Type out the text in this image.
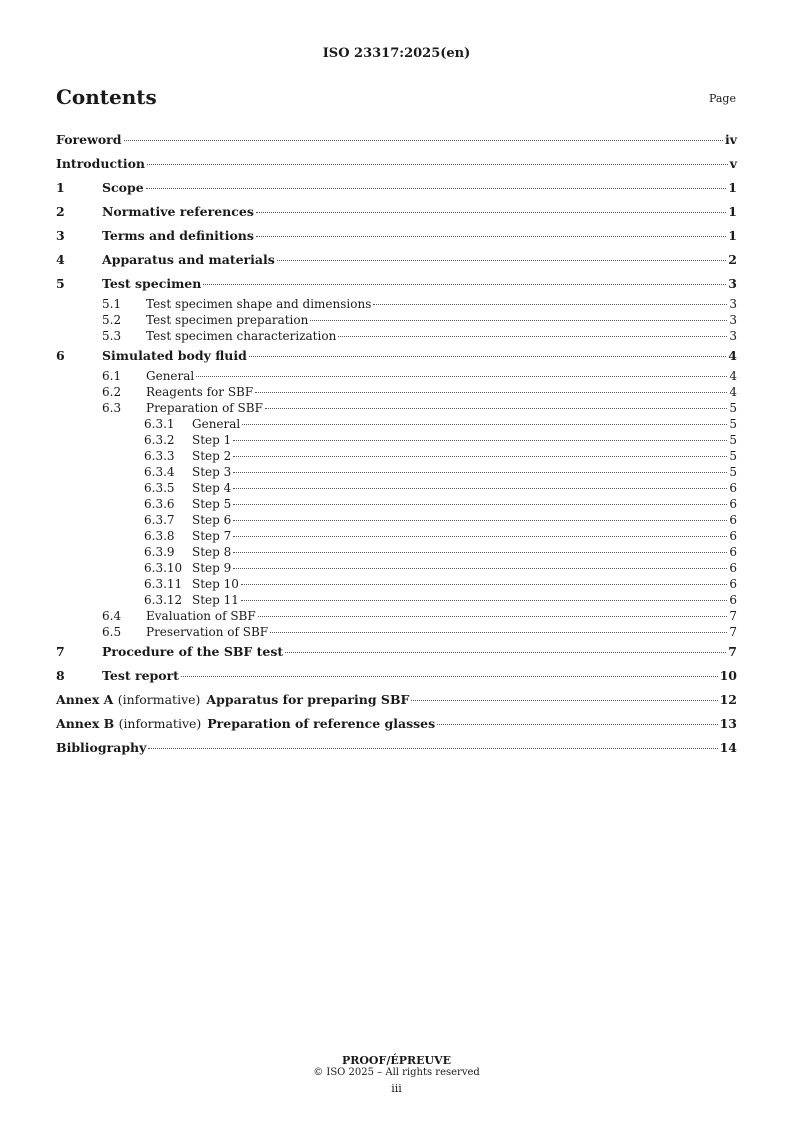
ISO 23317:2025(en)
Contents	Page
Foreword	iv
Introduction	v
1	Scope	1
2	Normative references	1
3	Terms and definitions	1
4	Apparatus and materials	2
5	Test specimen	3
5.1	Test specimen shape and dimensions	3
5.2	Test specimen preparation	3
5.3	Test specimen characterization	3
6	Simulated body fluid	4
6.1	General	4
6.2	Reagents for SBF	4
6.3	Preparation of SBF	5
6.3.1	General	5
6.3.2	Step 1	5
6.3.3	Step 2	5
6.3.4	Step 3	5
6.3.5	Step 4	6
6.3.6	Step 5	6
6.3.7	Step 6	6
6.3.8	Step 7	6
6.3.9	Step 8	6
6.3.10 Step 9	6
6.3.11 Step 10	6
6.3.12 Step 11	6
6.4	Evaluation of SBF	7
6.5	Preservation of SBF	7
7	Procedure of the SBF test	7
8	Test report	10
Annex A (informative) Apparatus for preparing SBF	12
Annex B (informative) Preparation of reference glasses	13
Bibliography	14
PROOF/ÉPREUVE
© ISO 2025 – All rights reserved
iii
